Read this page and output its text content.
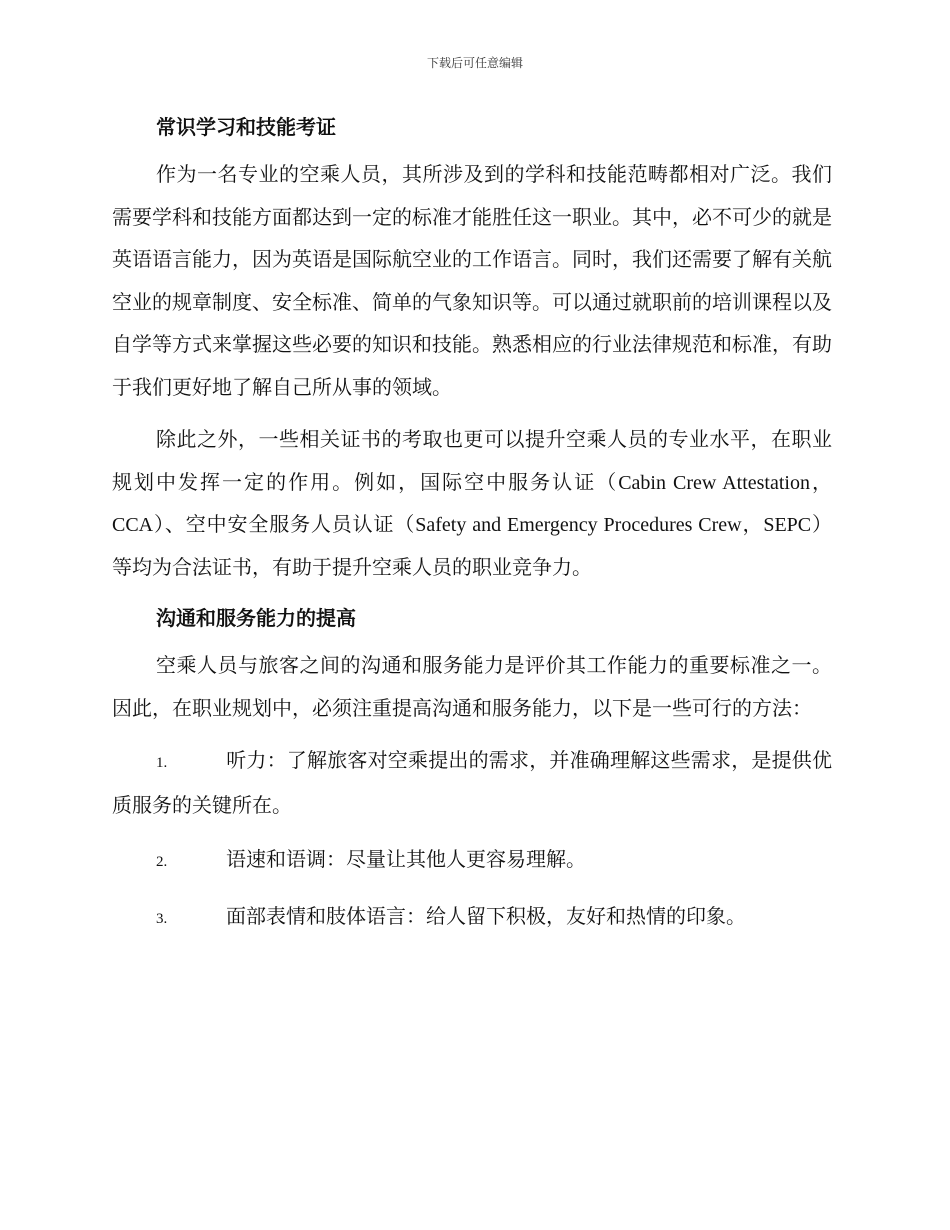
下载后可任意编辑
常识学习和技能考证

作为一名专业的空乘人员，其所涉及到的学科和技能范畴都相对广泛。我们需要学科和技能方面都达到一定的标准才能胜任这一职业。其中，必不可少的就是英语语言能力，因为英语是国际航空业的工作语言。同时，我们还需要了解有关航空业的规章制度、安全标准、简单的气象知识等。可以通过就职前的培训课程以及自学等方式来掌握这些必要的知识和技能。熟悉相应的行业法律规范和标准，有助于我们更好地了解自己所从事的领域。

除此之外，一些相关证书的考取也更可以提升空乘人员的专业水平，在职业规划中发挥一定的作用。例如，国际空中服务认证（Cabin Crew Attestation，CCA）、空中安全服务人员认证（Safety and Emergency Procedures Crew，SEPC）等均为合法证书，有助于提升空乘人员的职业竞争力。

沟通和服务能力的提高

空乘人员与旅客之间的沟通和服务能力是评价其工作能力的重要标准之一。因此，在职业规划中，必须注重提高沟通和服务能力，以下是一些可行的方法：

1.	听力：了解旅客对空乘提出的需求，并准确理解这些需求，是提供优质服务的关键所在。

2.	语速和语调：尽量让其他人更容易理解。

3.	面部表情和肢体语言：给人留下积极，友好和热情的印象。
